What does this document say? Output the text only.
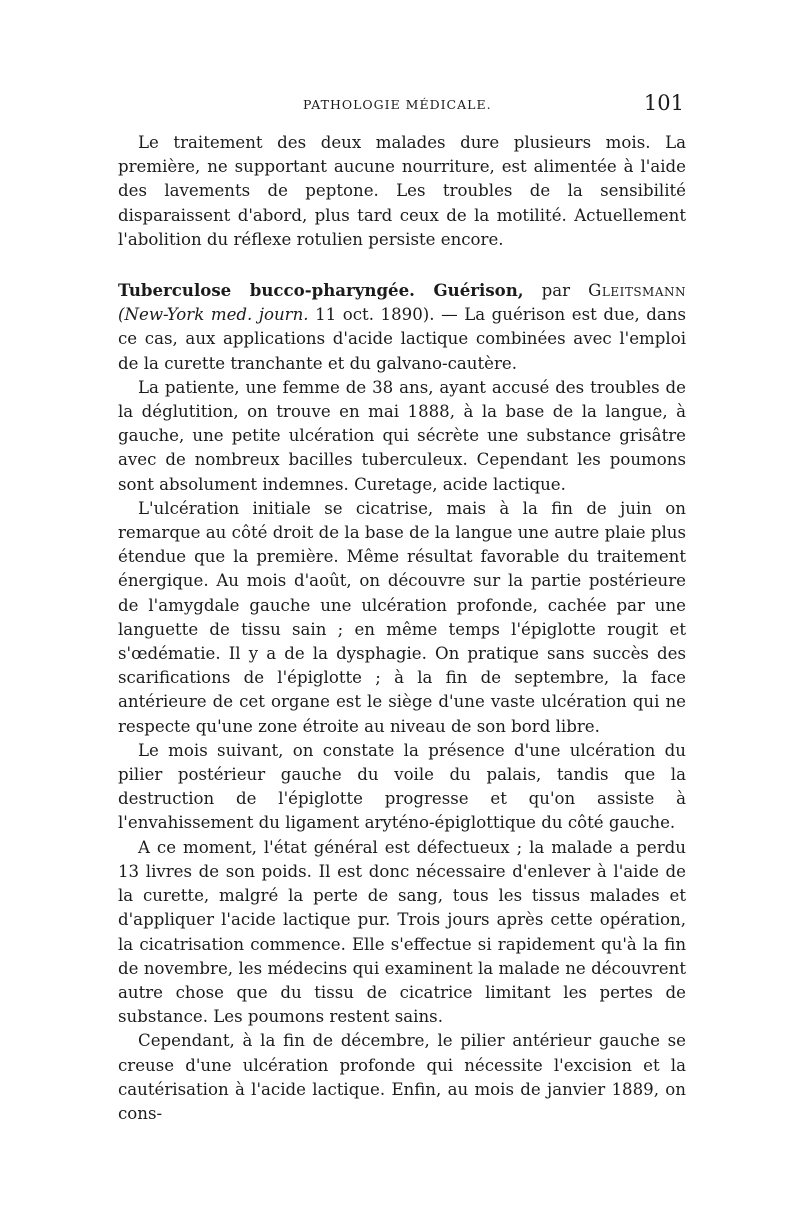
PATHOLOGIE MÉDICALE.	101

Le traitement des deux malades dure plusieurs mois. La première, ne supportant aucune nourriture, est alimentée à l'aide des lavements de peptone. Les troubles de la sensibilité disparaissent d'abord, plus tard ceux de la motilité. Actuellement l'abolition du réflexe rotulien persiste encore.

Tuberculose bucco-pharyngée. Guérison, par Gleitsmann (New-York med. journ. 11 oct. 1890). — La guérison est due, dans ce cas, aux applications d'acide lactique combinées avec l'emploi de la curette tranchante et du galvano-cautère.

La patiente, une femme de 38 ans, ayant accusé des troubles de la déglutition, on trouve en mai 1888, à la base de la langue, à gauche, une petite ulcération qui sécrète une substance grisâtre avec de nombreux bacilles tuberculeux. Cependant les poumons sont absolument indemnes. Curetage, acide lactique.

L'ulcération initiale se cicatrise, mais à la fin de juin on remarque au côté droit de la base de la langue une autre plaie plus étendue que la première. Même résultat favorable du traitement énergique. Au mois d'août, on découvre sur la partie postérieure de l'amygdale gauche une ulcération profonde, cachée par une languette de tissu sain ; en même temps l'épiglotte rougit et s'œdématie. Il y a de la dysphagie. On pratique sans succès des scarifications de l'épiglotte ; à la fin de septembre, la face antérieure de cet organe est le siège d'une vaste ulcération qui ne respecte qu'une zone étroite au niveau de son bord libre.

Le mois suivant, on constate la présence d'une ulcération du pilier postérieur gauche du voile du palais, tandis que la destruction de l'épiglotte progresse et qu'on assiste à l'envahissement du ligament aryténo-épiglottique du côté gauche.

A ce moment, l'état général est défectueux ; la malade a perdu 13 livres de son poids. Il est donc nécessaire d'enlever à l'aide de la curette, malgré la perte de sang, tous les tissus malades et d'appliquer l'acide lactique pur. Trois jours après cette opération, la cicatrisation commence. Elle s'effectue si rapidement qu'à la fin de novembre, les médecins qui examinent la malade ne découvrent autre chose que du tissu de cicatrice limitant les pertes de substance. Les poumons restent sains.

Cependant, à la fin de décembre, le pilier antérieur gauche se creuse d'une ulcération profonde qui nécessite l'excision et la cautérisation à l'acide lactique. Enfin, au mois de janvier 1889, on cons-
